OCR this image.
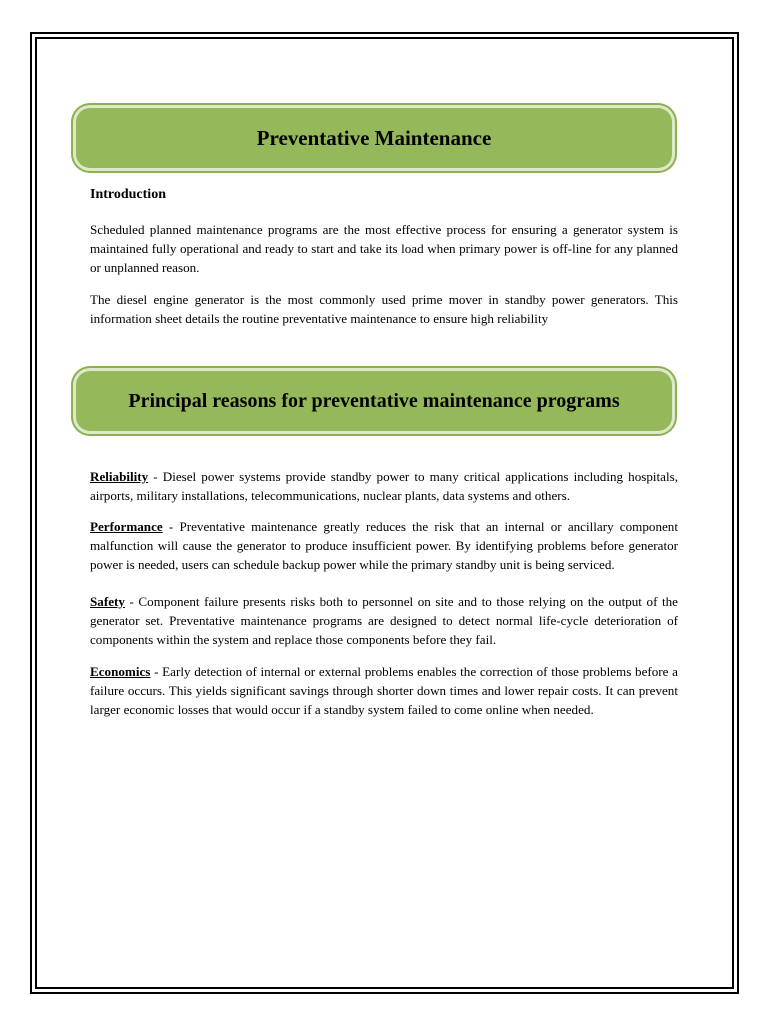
Preventative Maintenance
Introduction

Scheduled planned maintenance programs are the most effective process for ensuring a generator system is maintained fully operational and ready to start and take its load when primary power is off-line for any planned or unplanned reason.

The diesel engine generator is the most commonly used prime mover in standby power generators. This information sheet details the routine preventative maintenance to ensure high reliability

Principal reasons for preventative maintenance programs

Reliability - Diesel power systems provide standby power to many critical applications including hospitals, airports, military installations, telecommunications, nuclear plants, data systems and others.

Performance - Preventative maintenance greatly reduces the risk that an internal or ancillary component malfunction will cause the generator to produce insufficient power. By identifying problems before generator power is needed, users can schedule backup power while the primary standby unit is being serviced.

Safety - Component failure presents risks both to personnel on site and to those relying on the output of the generator set. Preventative maintenance programs are designed to detect normal life-cycle deterioration of components within the system and replace those components before they fail.

Economics - Early detection of internal or external problems enables the correction of those problems before a failure occurs. This yields significant savings through shorter down times and lower repair costs. It can prevent larger economic losses that would occur if a standby system failed to come online when needed.
